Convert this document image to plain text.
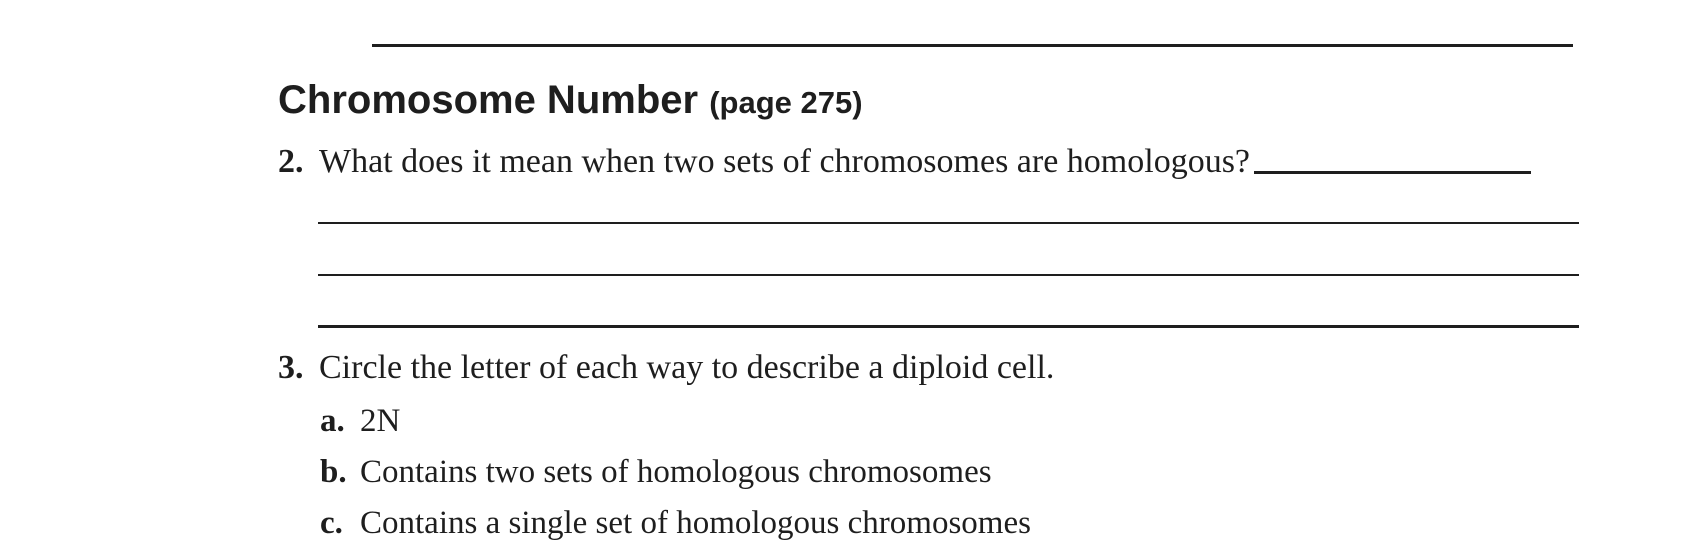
Chromosome Number (page 275)
2. What does it mean when two sets of chromosomes are homologous?
3. Circle the letter of each way to describe a diploid cell.
a. 2N
b. Contains two sets of homologous chromosomes
c. Contains a single set of homologous chromosomes
